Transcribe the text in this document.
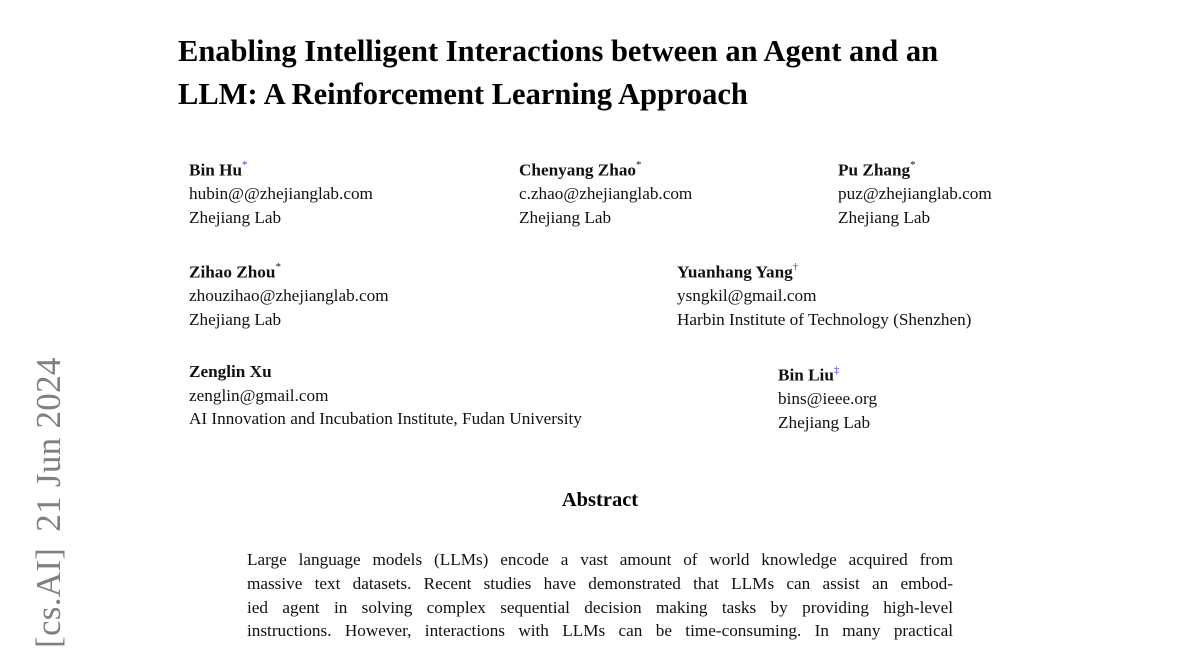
[cs.AI]21 Jun 2024
Enabling Intelligent Interactions between an Agent and an
LLM: A Reinforcement Learning Approach
Bin Hu*
hubin@@zhejianglab.com
Zhejiang Lab
Chenyang Zhao*
c.zhao@zhejianglab.com
Zhejiang Lab
Pu Zhang*
puz@zhejianglab.com
Zhejiang Lab
Zihao Zhou*
zhouzihao@zhejianglab.com
Zhejiang Lab
Yuanhang Yang†
ysngkil@gmail.com
Harbin Institute of Technology (Shenzhen)
Zenglin Xu
zenglin@gmail.com
AI Innovation and Incubation Institute, Fudan University
Bin Liu‡
bins@ieee.org
Zhejiang Lab
Abstract
Large language models (LLMs) encode a vast amount of world knowledge acquired from
massive text datasets. Recent studies have demonstrated that LLMs can assist an embod-
ied agent in solving complex sequential decision making tasks by providing high-level
instructions. However, interactions with LLMs can be time-consuming. In many practical
